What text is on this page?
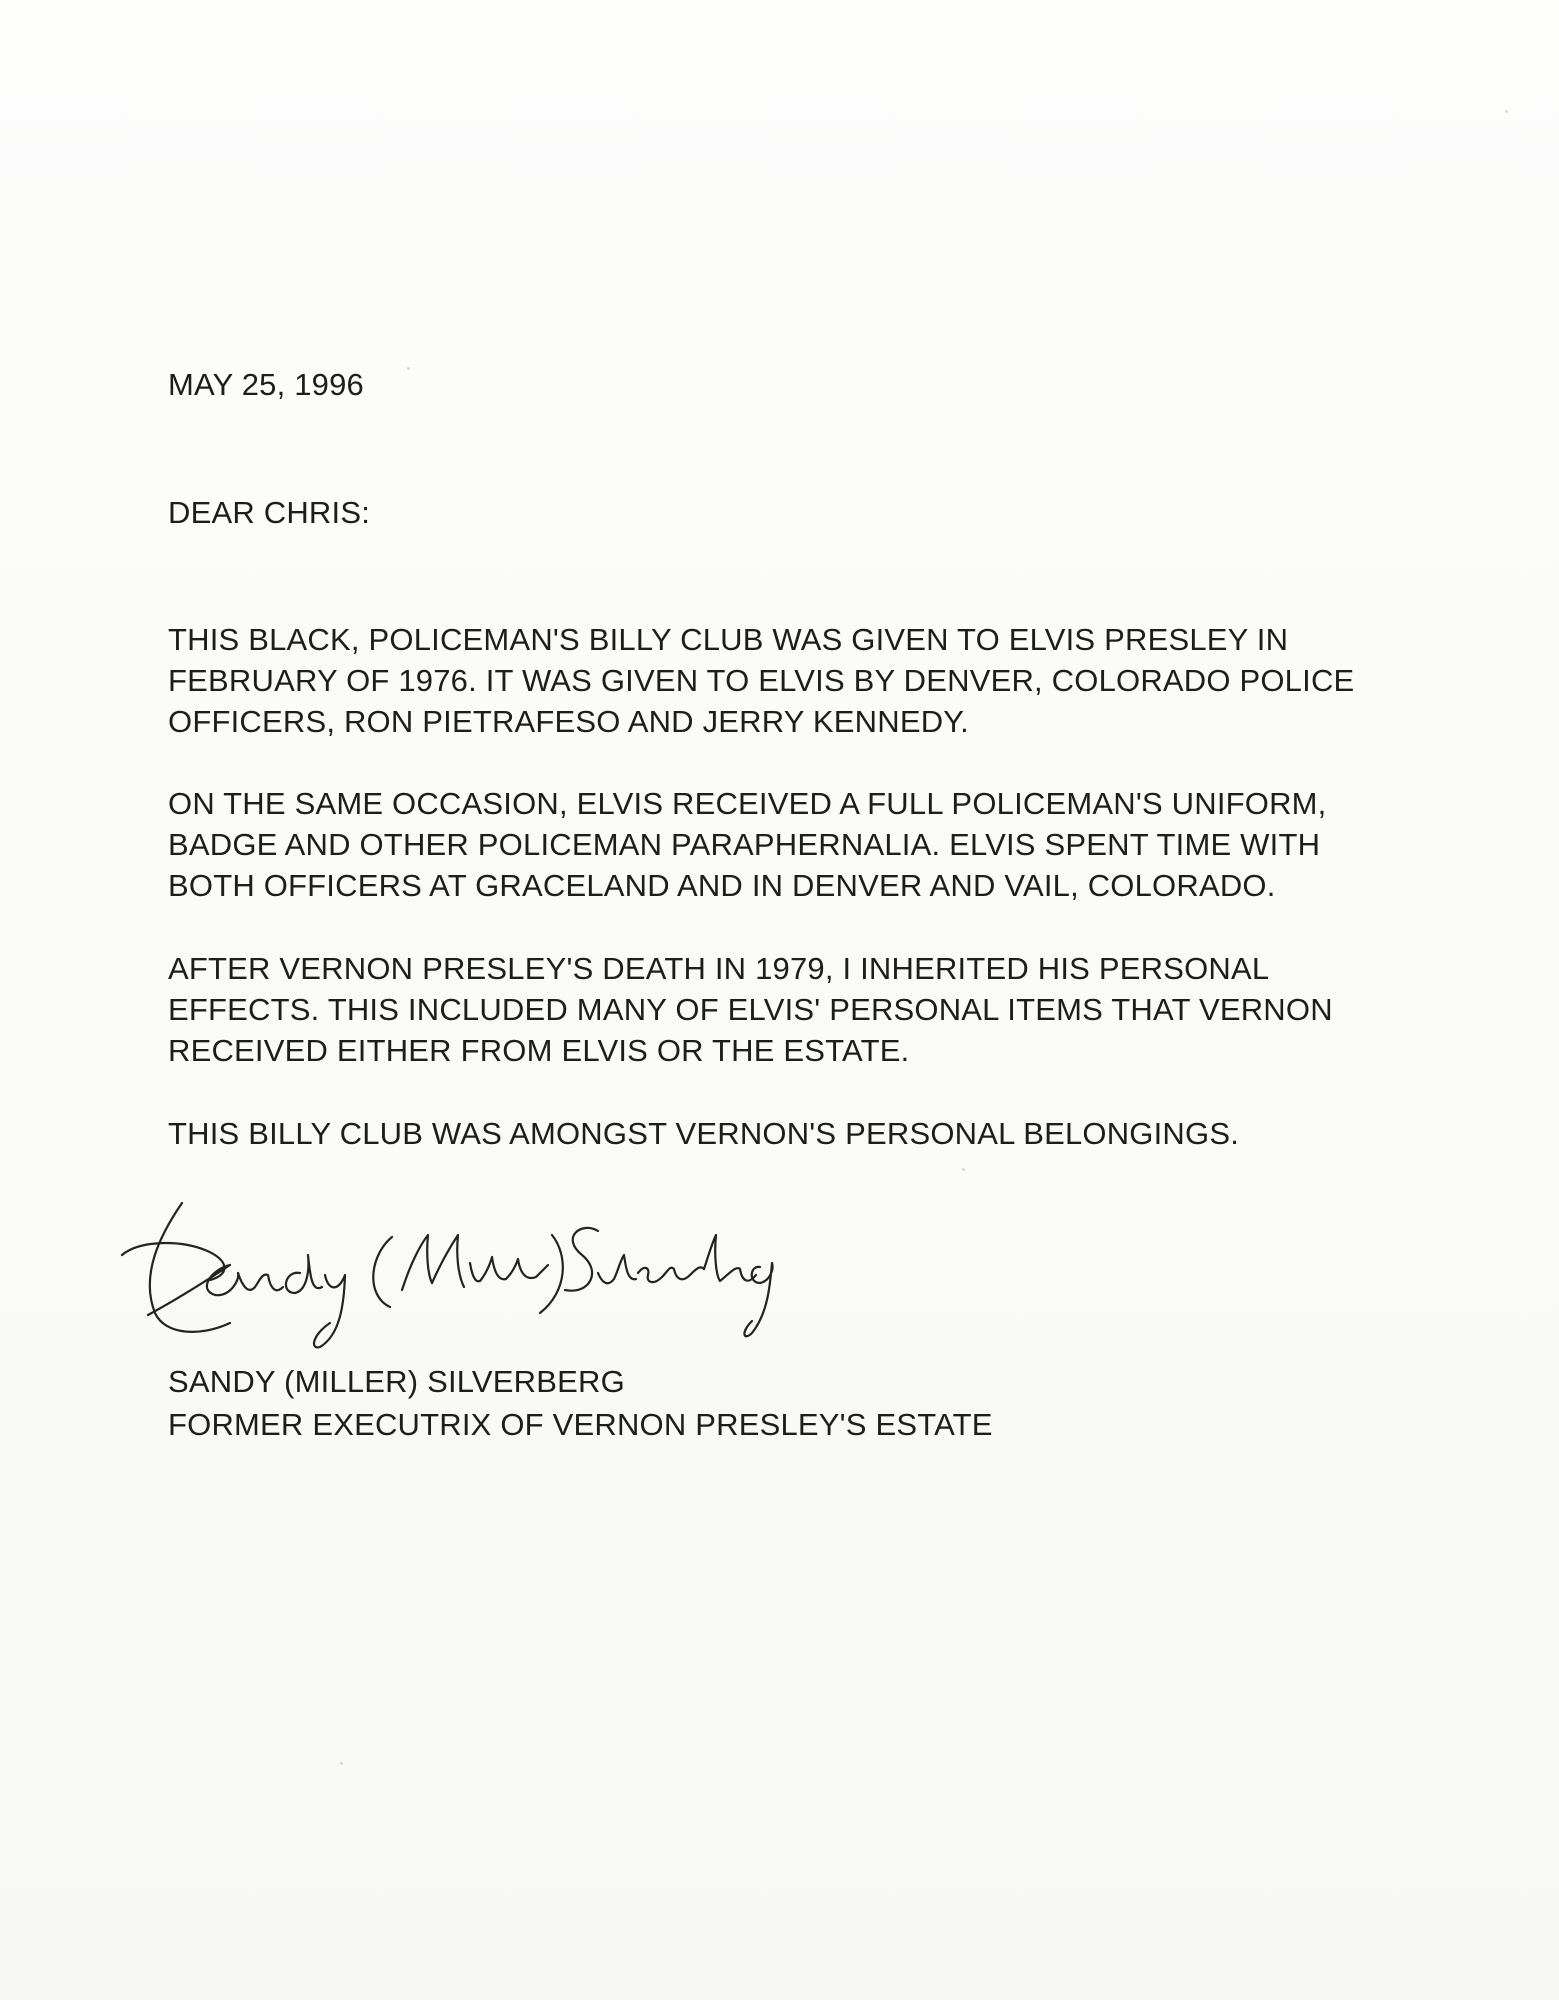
MAY 25, 1996

DEAR CHRIS:

THIS BLACK, POLICEMAN'S BILLY CLUB WAS GIVEN TO ELVIS PRESLEY IN

FEBRUARY OF 1976. IT WAS GIVEN TO ELVIS BY DENVER, COLORADO POLICE

OFFICERS, RON PIETRAFESO AND JERRY KENNEDY.

ON THE SAME OCCASION, ELVIS RECEIVED A FULL POLICEMAN'S UNIFORM,

BADGE AND OTHER POLICEMAN PARAPHERNALIA. ELVIS SPENT TIME WITH

BOTH OFFICERS AT GRACELAND AND IN DENVER AND VAIL, COLORADO.

AFTER VERNON PRESLEY'S DEATH IN 1979, I INHERITED HIS PERSONAL

EFFECTS. THIS INCLUDED MANY OF ELVIS' PERSONAL ITEMS THAT VERNON

RECEIVED EITHER FROM ELVIS OR THE ESTATE.

THIS BILLY CLUB WAS AMONGST VERNON'S PERSONAL BELONGINGS.

SANDY (MILLER) SILVERBERG

FORMER EXECUTRIX OF VERNON PRESLEY'S ESTATE
